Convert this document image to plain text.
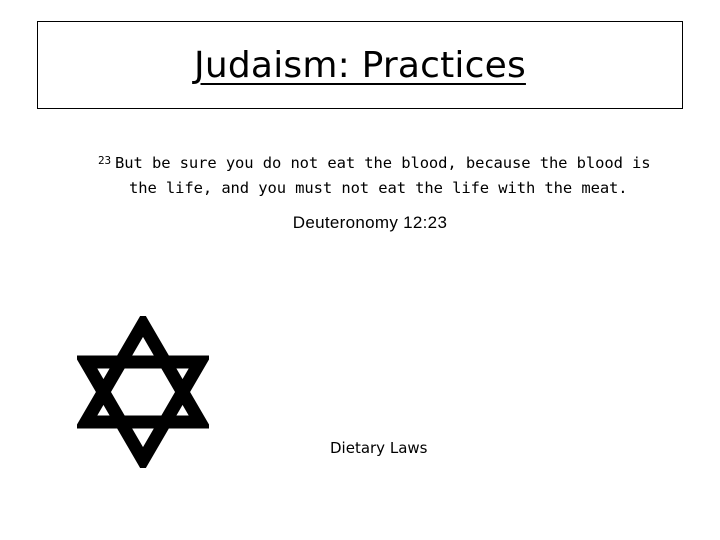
Judaism: Practices
$^{23}$ But be sure you do not eat the blood, because the blood is
the life, and you must not eat the life with the meat.
Deuteronomy 12:23
Dietary Laws
